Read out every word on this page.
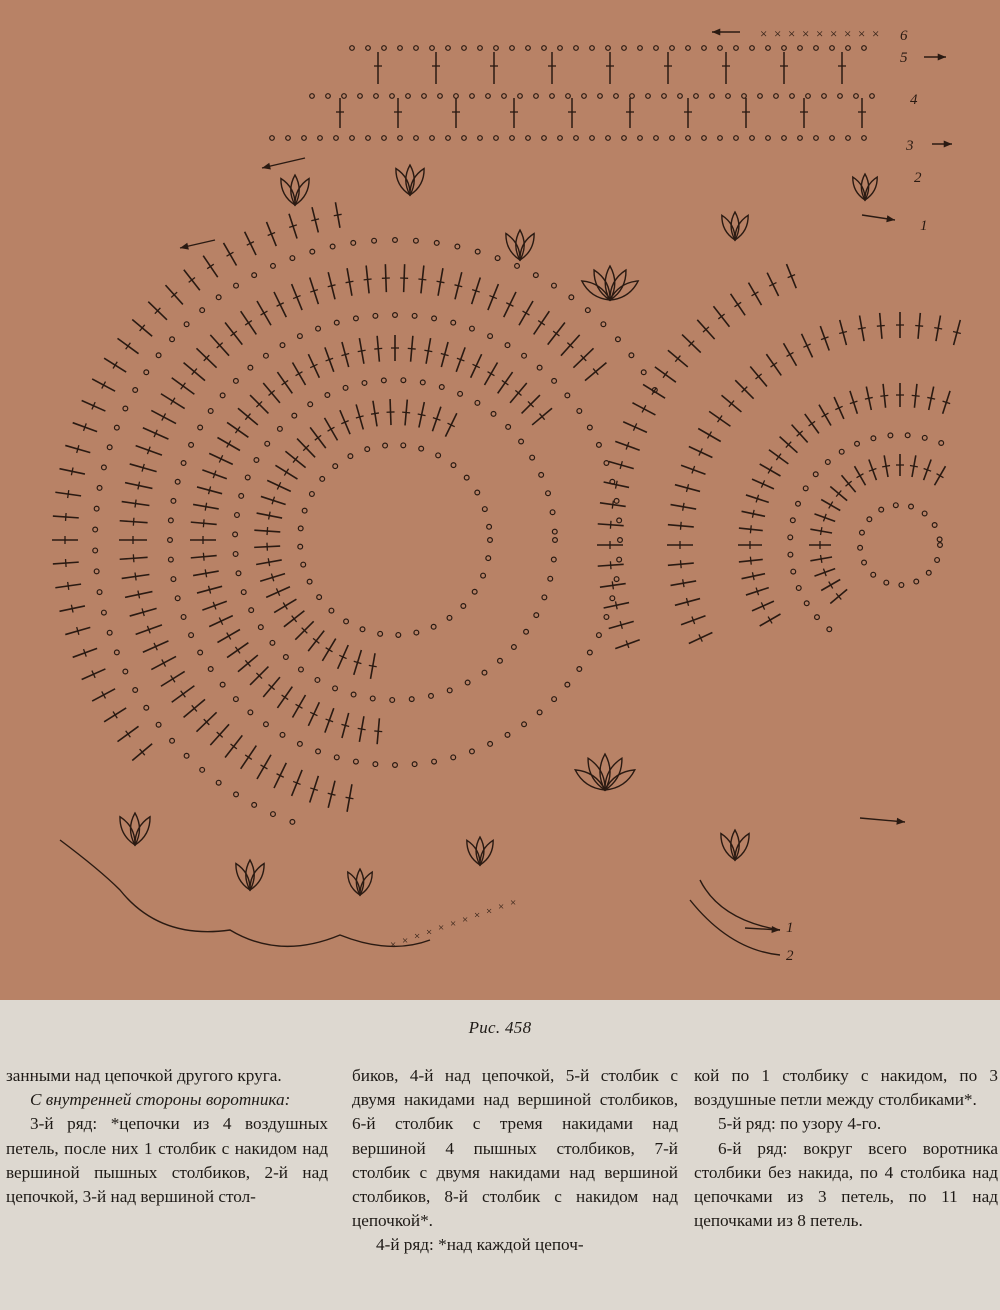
× × × × × × × × ×
× × × × × × × × × × ×
6
5
4
3
2
1
1
2
Рис. 458

занными над цепочкой другого круга.

С внутренней стороны воротника:

3-й ряд: *цепочки из 4 воздушных петель, после них 1 столбик с накидом над вершиной пышных столбиков, 2-й над цепочкой, 3-й над вершиной стол-

биков, 4-й над цепочкой, 5-й столбик с двумя накидами над вершиной столбиков, 6-й столбик с тремя накидами над вершиной 4 пышных столбиков, 7-й столбик с двумя накидами над вершиной столбиков, 8-й столбик с накидом над цепочкой*.

4-й ряд: *над каждой цепоч-

кой по 1 столбику с накидом, по 3 воздушные петли между столбиками*.

5-й ряд: по узору 4-го.

6-й ряд: вокруг всего воротника столбики без накида, по 4 столбика над цепочками из 3 петель, по 11 над цепочками из 8 петель.
